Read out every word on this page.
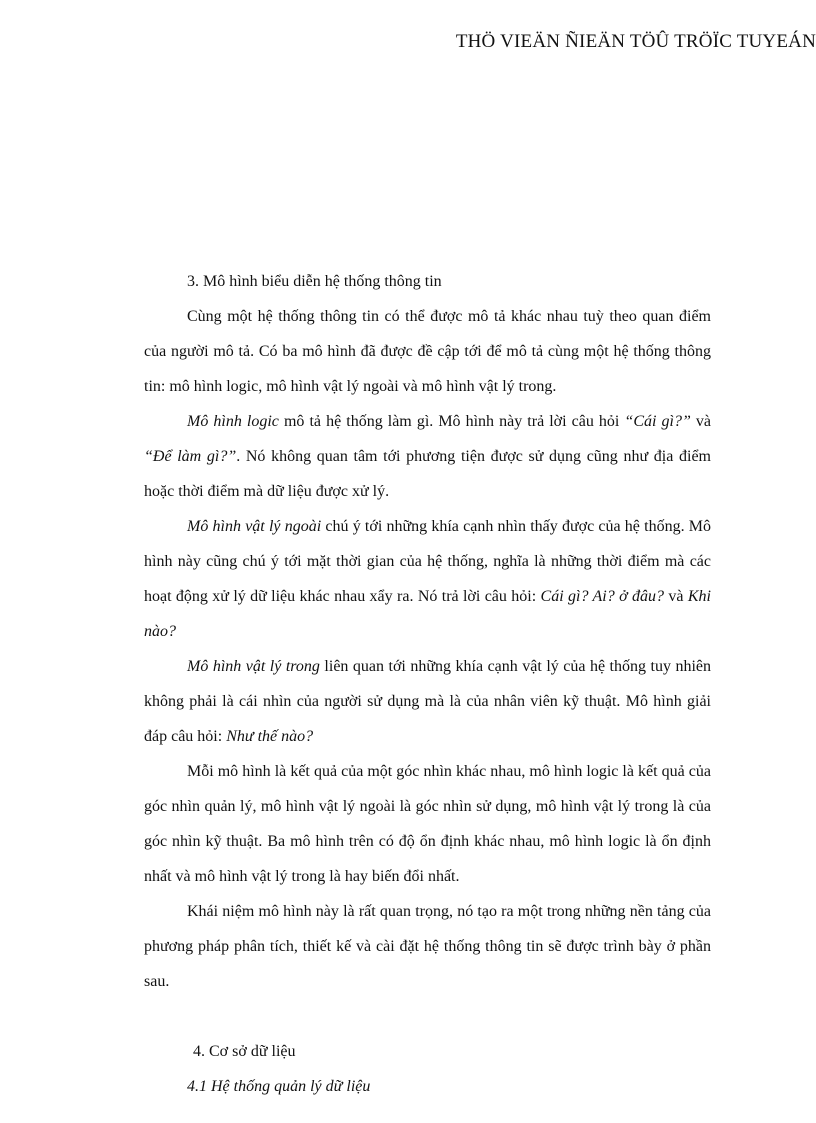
THÖ VIEÄN ÑIEÄN TÖÛ TRÖÏC TUYEÁN

3. Mô hình biểu diễn hệ thống thông tin

Cùng một hệ thống thông tin có thể được mô tả khác nhau tuỳ theo quan điểm của người mô tả. Có ba mô hình đã được đề cập tới để mô tả cùng một hệ thống thông tin: mô hình logic, mô hình vật lý ngoài và mô hình vật lý trong.

Mô hình logic mô tả hệ thống làm gì. Mô hình này trả lời câu hỏi “Cái gì?” và “Để làm gì?”. Nó không quan tâm tới phương tiện được sử dụng cũng như địa điểm hoặc thời điểm mà dữ liệu được xử lý.

Mô hình vật lý ngoài chú ý tới những khía cạnh nhìn thấy được của hệ thống. Mô hình này cũng chú ý tới mặt thời gian của hệ thống, nghĩa là những thời điểm mà các hoạt động xử lý dữ liệu khác nhau xẩy ra. Nó trả lời câu hỏi: Cái gì? Ai? ở đâu? và Khi nào?

Mô hình vật lý trong liên quan tới những khía cạnh vật lý của hệ thống tuy nhiên không phải là cái nhìn của người sử dụng mà là của nhân viên kỹ thuật. Mô hình giải đáp câu hỏi: Như thế nào?

Mỗi mô hình là kết quả của một góc nhìn khác nhau, mô hình logic là kết quả của góc nhìn quản lý, mô hình vật lý ngoài là góc nhìn sử dụng, mô hình vật lý trong là của góc nhìn kỹ thuật. Ba mô hình trên có độ ổn định khác nhau, mô hình logic là ổn định nhất và mô hình vật lý trong là hay biến đổi nhất.

Khái niệm mô hình này là rất quan trọng, nó tạo ra một trong những nền tảng của phương pháp phân tích, thiết kế và cài đặt hệ thống thông tin sẽ được trình bày ở phần sau.

4. Cơ sở dữ liệu

4.1 Hệ thống quản lý dữ liệu
